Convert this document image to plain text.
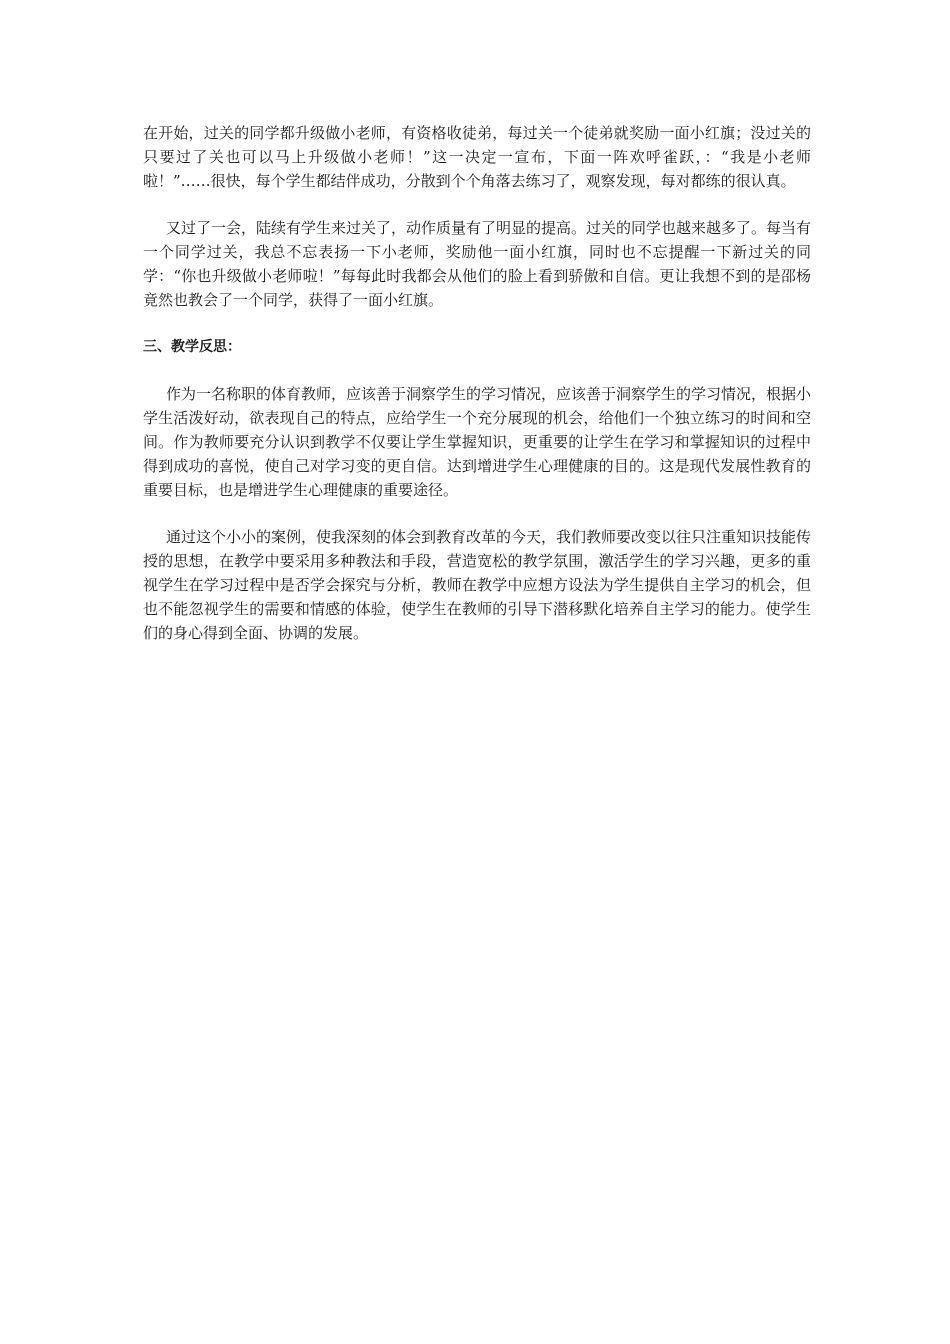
在开始，过关的同学都升级做小老师，有资格收徒弟，每过关一个徒弟就奖励一面小红旗；没过关的只要过了关也可以马上升级做小老师！”这一决定一宣布，下面一阵欢呼雀跃，：“我是小老师啦！”……很快，每个学生都结伴成功，分散到个个角落去练习了，观察发现，每对都练的很认真。

又过了一会，陆续有学生来过关了，动作质量有了明显的提高。过关的同学也越来越多了。每当有一个同学过关，我总不忘表扬一下小老师，奖励他一面小红旗，同时也不忘提醒一下新过关的同学：“你也升级做小老师啦！”每每此时我都会从他们的脸上看到骄傲和自信。更让我想不到的是邵杨竟然也教会了一个同学，获得了一面小红旗。

三、教学反思：

作为一名称职的体育教师，应该善于洞察学生的学习情况，应该善于洞察学生的学习情况，根据小学生活泼好动，欲表现自己的特点，应给学生一个充分展现的机会，给他们一个独立练习的时间和空间。作为教师要充分认识到教学不仅要让学生掌握知识，更重要的让学生在学习和掌握知识的过程中得到成功的喜悦，使自己对学习变的更自信。达到增进学生心理健康的目的。这是现代发展性教育的重要目标，也是增进学生心理健康的重要途径。

通过这个小小的案例，使我深刻的体会到教育改革的今天，我们教师要改变以往只注重知识技能传授的思想，在教学中要采用多种教法和手段，营造宽松的教学氛围，激活学生的学习兴趣，更多的重视学生在学习过程中是否学会探究与分析，教师在教学中应想方设法为学生提供自主学习的机会，但也不能忽视学生的需要和情感的体验，使学生在教师的引导下潜移默化培养自主学习的能力。使学生们的身心得到全面、协调的发展。
